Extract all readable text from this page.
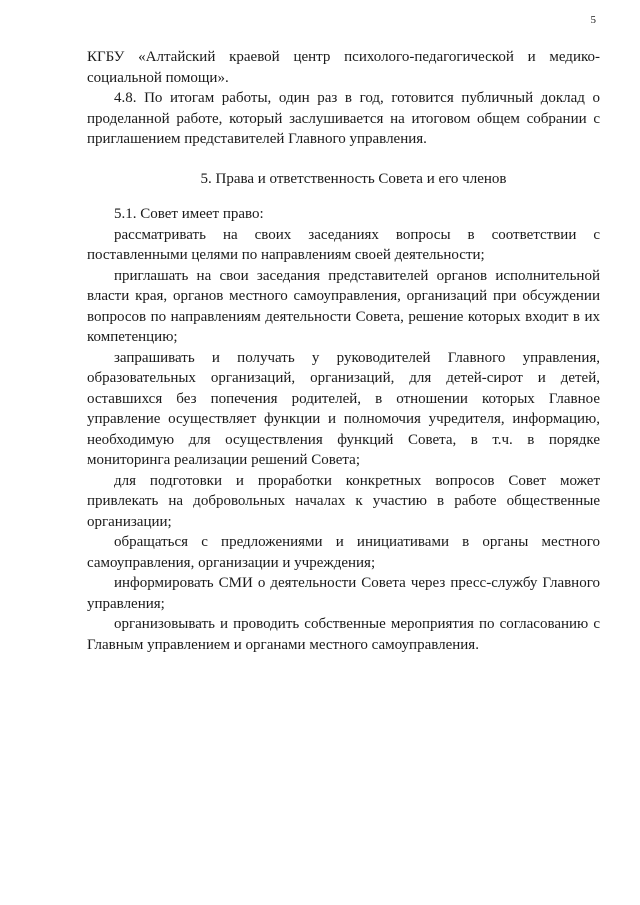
5

КГБУ «Алтайский краевой центр психолого-педагогической и медико-социальной помощи».

4.8. По итогам работы, один раз в год, готовится публичный доклад о проделанной работе, который заслушивается на итоговом общем собрании с приглашением представителей Главного управления.

5. Права и ответственность Совета и его членов

5.1. Совет имеет право:

рассматривать на своих заседаниях вопросы в соответствии с поставленными целями по направлениям своей деятельности;

приглашать на свои заседания представителей органов исполнительной власти края, органов местного самоуправления, организаций при обсуждении вопросов по направлениям деятельности Совета, решение которых входит в их компетенцию;

запрашивать и получать у руководителей Главного управления, образовательных организаций, организаций, для детей-сирот и детей, оставшихся без попечения родителей, в отношении которых Главное управление осуществляет функции и полномочия учредителя, информацию, необходимую для осуществления функций Совета, в т.ч. в порядке мониторинга реализации решений Совета;

для подготовки и проработки конкретных вопросов Совет может привлекать на добровольных началах к участию в работе общественные организации;

обращаться с предложениями и инициативами в органы местного самоуправления, организации и учреждения;

информировать СМИ о деятельности Совета через пресс-службу Главного управления;

организовывать и проводить собственные мероприятия по согласованию с Главным управлением и органами местного самоуправления.
